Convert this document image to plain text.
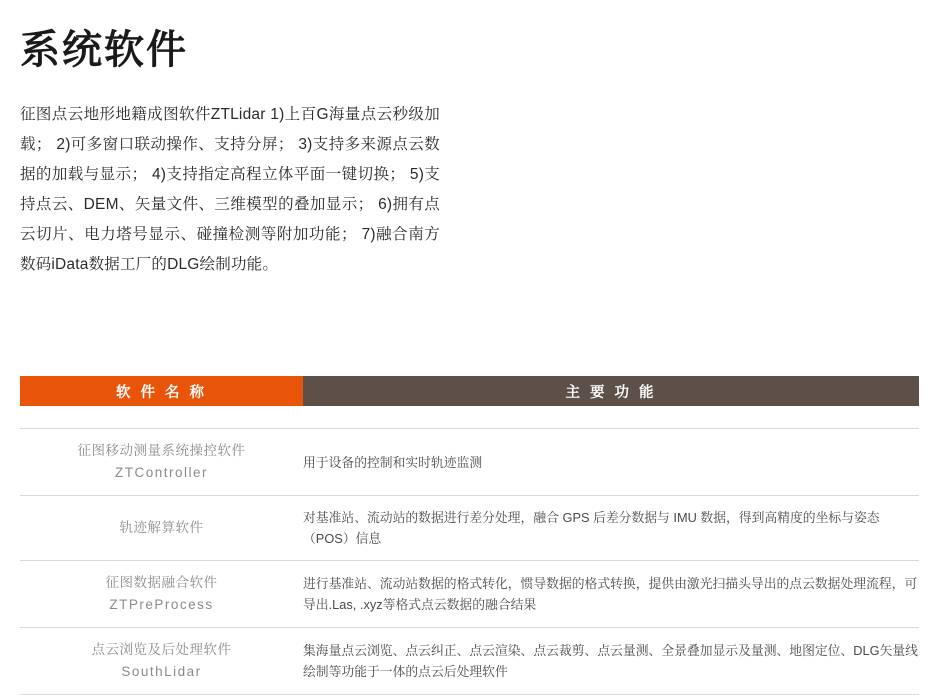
系统软件

征图点云地形地籍成图软件ZTLidar 1)上百G海量点云秒级加载； 2)可多窗口联动操作、支持分屏； 3)支持多来源点云数据的加载与显示； 4)支持指定高程立体平面一键切换； 5)支持点云、DEM、矢量文件、三维模型的叠加显示； 6)拥有点云切片、电力塔号显示、碰撞检测等附加功能； 7)融合南方数码iData数据工厂的DLG绘制功能。

软 件 名 称	主 要 功 能

征图移动测量系统操控软件
ZTController	用于设备的控制和实时轨迹监测
轨迹解算软件	对基准站、流动站的数据进行差分处理，融合 GPS 后差分数据与 IMU 数据，得到高精度的坐标与姿态（POS）信息
征图数据融合软件
ZTPreProcess	进行基准站、流动站数据的格式转化，惯导数据的格式转换，提供由激光扫描头导出的点云数据处理流程，可导出.Las, .xyz等格式点云数据的融合结果
点云浏览及后处理软件
SouthLidar	集海量点云浏览、点云纠正、点云渲染、点云裁剪、点云量测、全景叠加显示及量测、地图定位、DLG矢量线绘制等功能于一体的点云后处理软件
